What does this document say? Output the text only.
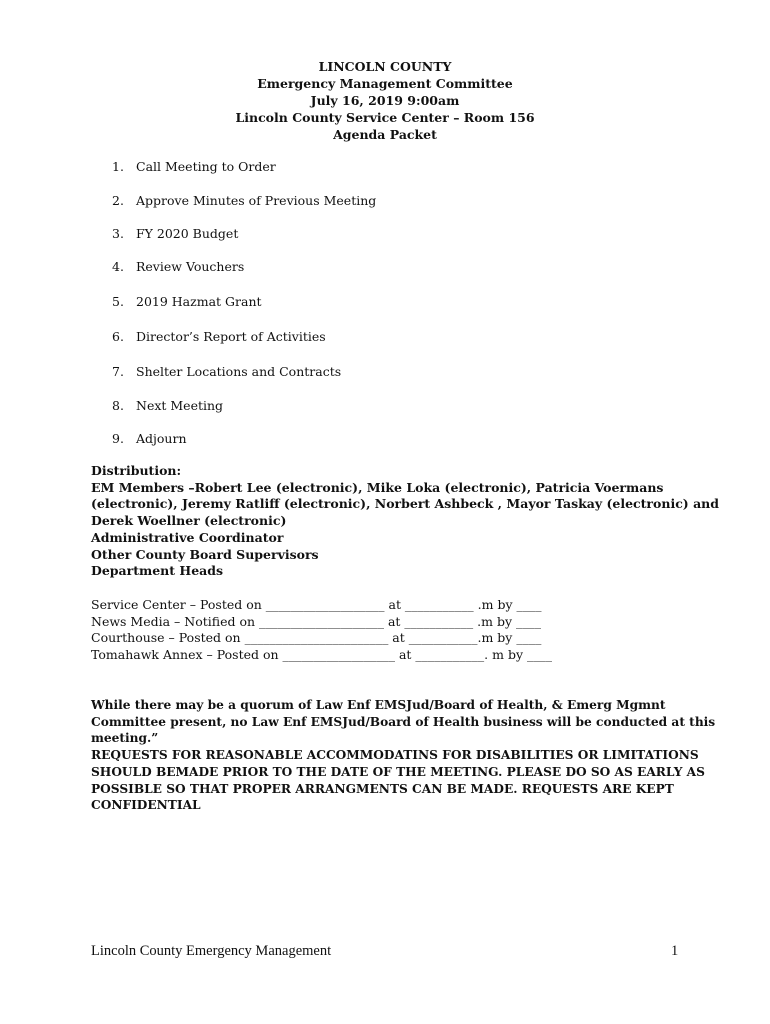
LINCOLN COUNTY
Emergency Management Committee
July 16, 2019 9:00am
Lincoln County Service Center – Room 156
Agenda Packet
1. Call Meeting to Order
2. Approve Minutes of Previous Meeting
3. FY 2020 Budget
4. Review Vouchers
5. 2019 Hazmat Grant
6. Director’s Report of Activities
7. Shelter Locations and Contracts
8. Next Meeting
9. Adjourn
Distribution:
EM Members –Robert Lee (electronic), Mike Loka (electronic), Patricia Voermans
(electronic), Jeremy Ratliff (electronic), Norbert Ashbeck , Mayor Taskay (electronic) and
Derek Woellner (electronic)
Administrative Coordinator
Other County Board Supervisors
Department Heads
Service Center – Posted on ___________________ at ___________ .m by ____
News Media – Notified on ____________________ at ___________ .m by ____
Courthouse – Posted on _______________________ at ___________.m by ____
Tomahawk Annex – Posted on __________________ at ___________. m by ____
While there may be a quorum of Law Enf EMSJud/Board of Health, & Emerg Mgmnt
Committee present, no Law Enf EMSJud/Board of Health business will be conducted at this
meeting.”
REQUESTS FOR REASONABLE ACCOMMODATINS FOR DISABILITIES OR LIMITATIONS
SHOULD BEMADE PRIOR TO THE DATE OF THE MEETING. PLEASE DO SO AS EARLY AS
POSSIBLE SO THAT PROPER ARRANGMENTS CAN BE MADE. REQUESTS ARE KEPT
CONFIDENTIAL
Lincoln County Emergency Management	1
